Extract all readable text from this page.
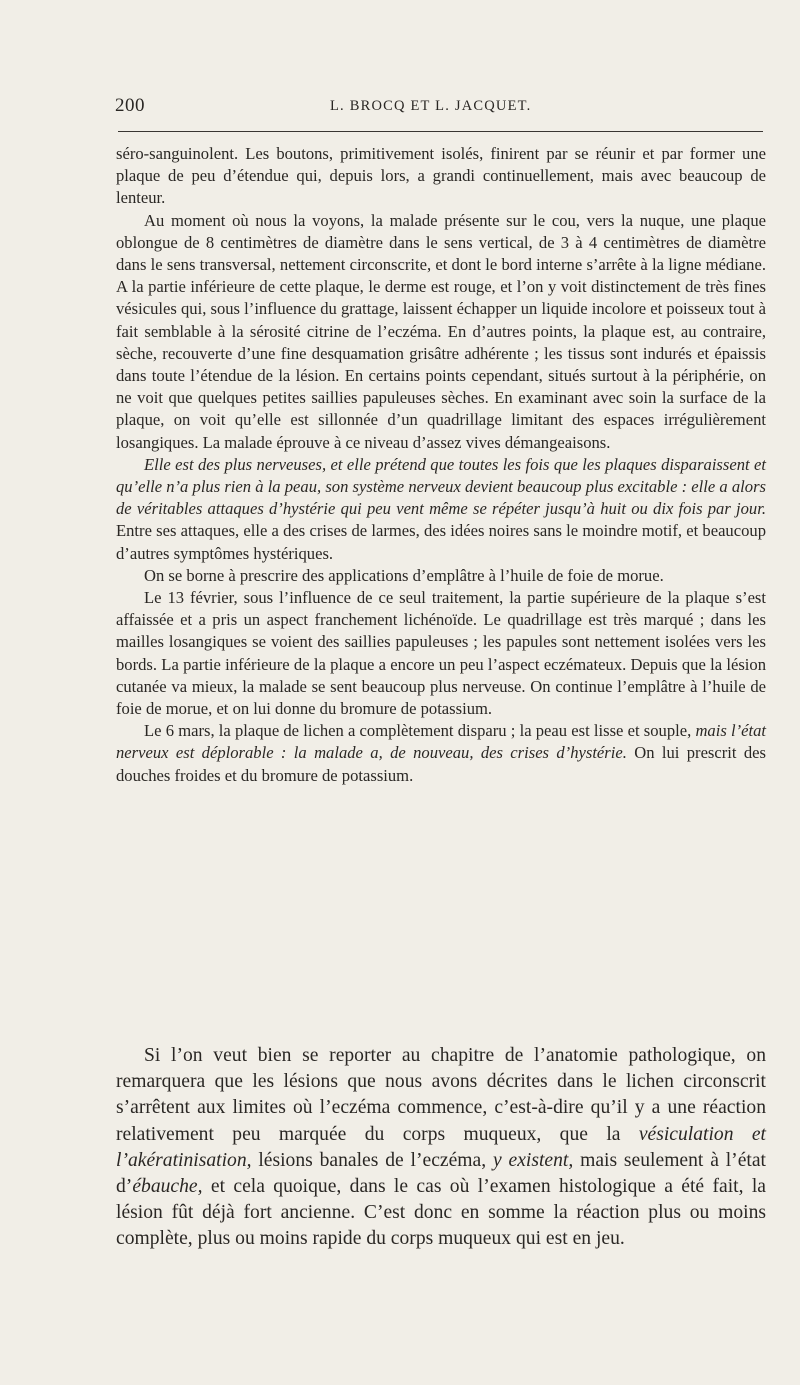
200	L. BROCQ ET L. JACQUET.

séro-sanguinolent. Les boutons, primitivement isolés, finirent par se réunir et par former une plaque de peu d’étendue qui, depuis lors, a grandi continuellement, mais avec beaucoup de lenteur.

Au moment où nous la voyons, la malade présente sur le cou, vers la nuque, une plaque oblongue de 8 centimètres de diamètre dans le sens vertical, de 3 à 4 centimètres de diamètre dans le sens transversal, nettement circonscrite, et dont le bord interne s’arrête à la ligne médiane. A la partie inférieure de cette plaque, le derme est rouge, et l’on y voit distinctement de très fines vésicules qui, sous l’influence du grattage, laissent échapper un liquide incolore et poisseux tout à fait semblable à la sérosité citrine de l’eczéma. En d’autres points, la plaque est, au contraire, sèche, recouverte d’une fine desquamation grisâtre adhérente ; les tissus sont indurés et épaissis dans toute l’étendue de la lésion. En certains points cependant, situés surtout à la périphérie, on ne voit que quelques petites saillies papuleuses sèches. En examinant avec soin la surface de la plaque, on voit qu’elle est sillonnée d’un quadrillage limitant des espaces irrégulièrement losangiques. La malade éprouve à ce niveau d’assez vives démangeaisons.

Elle est des plus nerveuses, et elle prétend que toutes les fois que les plaques disparaissent et qu’elle n’a plus rien à la peau, son système nerveux devient beaucoup plus excitable : elle a alors de véritables attaques d’hystérie qui peu vent même se répéter jusqu’à huit ou dix fois par jour. Entre ses attaques, elle a des crises de larmes, des idées noires sans le moindre motif, et beaucoup d’autres symptômes hystériques.

On se borne à prescrire des applications d’emplâtre à l’huile de foie de morue.

Le 13 février, sous l’influence de ce seul traitement, la partie supérieure de la plaque s’est affaissée et a pris un aspect franchement lichénoïde. Le quadrillage est très marqué ; dans les mailles losangiques se voient des saillies papuleuses ; les papules sont nettement isolées vers les bords. La partie inférieure de la plaque a encore un peu l’aspect eczémateux. Depuis que la lésion cutanée va mieux, la malade se sent beaucoup plus nerveuse. On continue l’emplâtre à l’huile de foie de morue, et on lui donne du bromure de potassium.

Le 6 mars, la plaque de lichen a complètement disparu ; la peau est lisse et souple, mais l’état nerveux est déplorable : la malade a, de nouveau, des crises d’hystérie. On lui prescrit des douches froides et du bromure de potassium.

Si l’on veut bien se reporter au chapitre de l’anatomie pathologique, on remarquera que les lésions que nous avons décrites dans le lichen circonscrit s’arrêtent aux limites où l’eczéma commence, c’est-à-dire qu’il y a une réaction relativement peu marquée du corps muqueux, que la vésiculation et l’akératinisation, lésions banales de l’eczéma, y existent, mais seulement à l’état d’ébauche, et cela quoique, dans le cas où l’examen histologique a été fait, la lésion fût déjà fort ancienne. C’est donc en somme la réaction plus ou moins complète, plus ou moins rapide du corps muqueux qui est en jeu.
